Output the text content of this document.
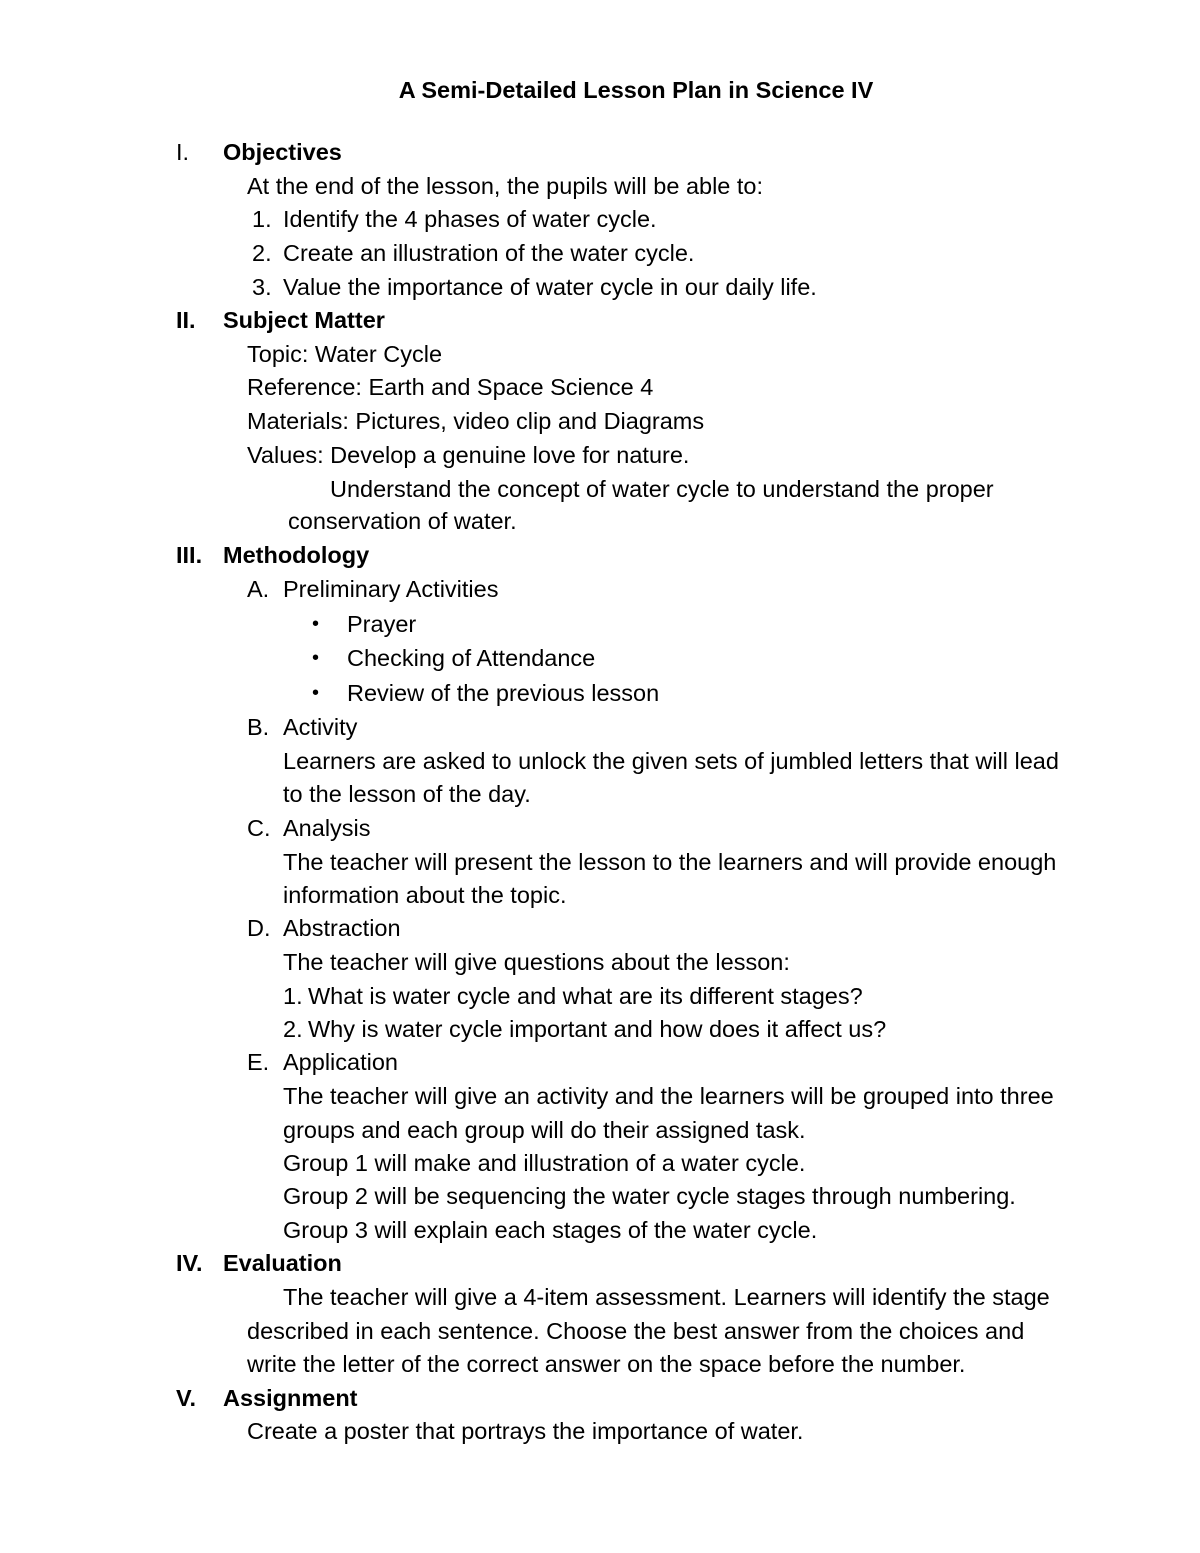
A Semi-Detailed Lesson Plan in Science IV
I. Objectives
At the end of the lesson, the pupils will be able to:
1. Identify the 4 phases of water cycle.
2. Create an illustration of the water cycle.
3. Value the importance of water cycle in our daily life.
II. Subject Matter
Topic: Water Cycle
Reference: Earth and Space Science 4
Materials: Pictures, video clip and Diagrams
Values: Develop a genuine love for nature.
Understand the concept of water cycle to understand the proper
conservation of water.
III. Methodology
A. Preliminary Activities
• Prayer
• Checking of Attendance
• Review of the previous lesson
B. Activity
Learners are asked to unlock the given sets of jumbled letters that will lead
to the lesson of the day.
C. Analysis
The teacher will present the lesson to the learners and will provide enough
information about the topic.
D. Abstraction
The teacher will give questions about the lesson:
1. What is water cycle and what are its different stages?
2. Why is water cycle important and how does it affect us?
E. Application
The teacher will give an activity and the learners will be grouped into three
groups and each group will do their assigned task.
Group 1 will make and illustration of a water cycle.
Group 2 will be sequencing the water cycle stages through numbering.
Group 3 will explain each stages of the water cycle.
IV. Evaluation
The teacher will give a 4-item assessment. Learners will identify the stage
described in each sentence. Choose the best answer from the choices and
write the letter of the correct answer on the space before the number.
V. Assignment
Create a poster that portrays the importance of water.
